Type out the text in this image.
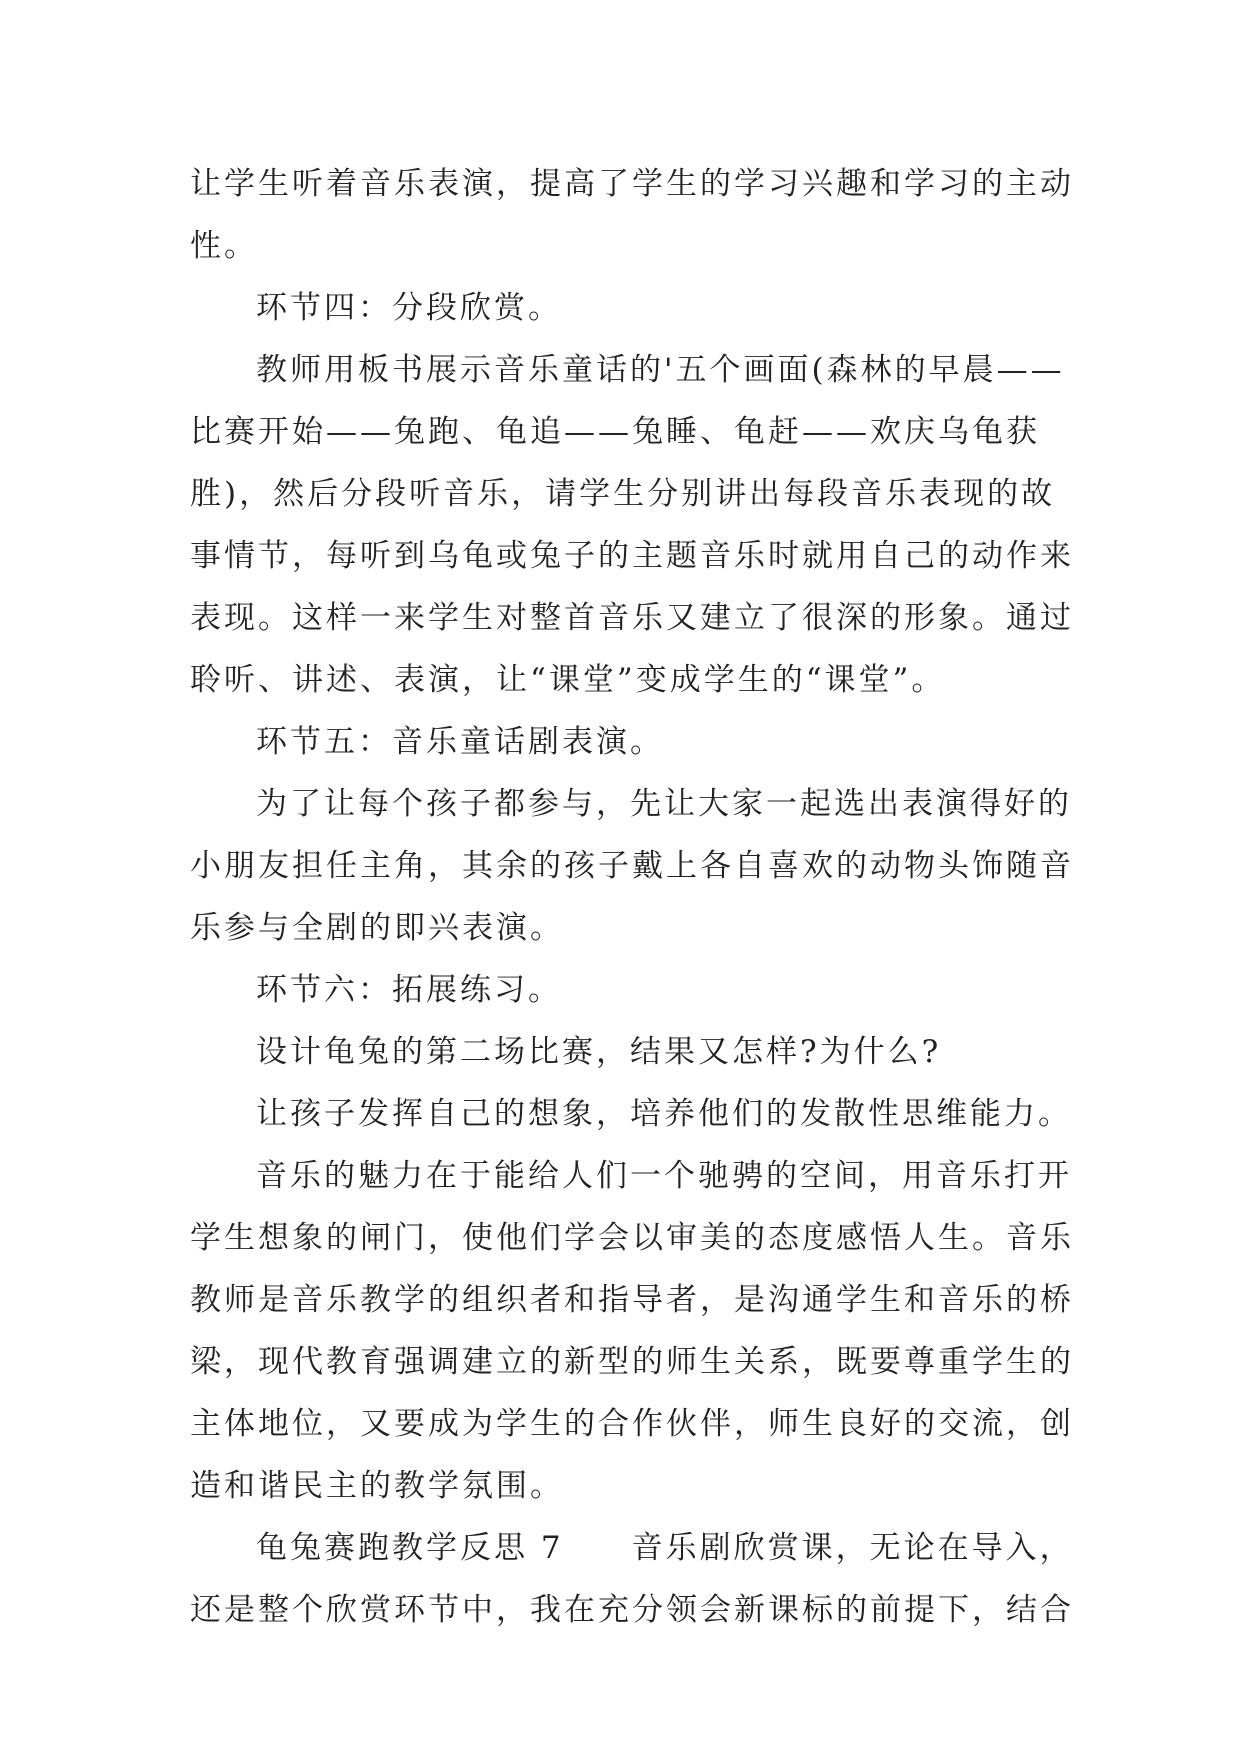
让学生听着音乐表演，提高了学生的学习兴趣和学习的主动
性。
环节四：分段欣赏。
教师用板书展示音乐童话的'五个画面(森林的早晨——
比赛开始——兔跑、龟追——兔睡、龟赶——欢庆乌龟获
胜)，然后分段听音乐，请学生分别讲出每段音乐表现的故
事情节，每听到乌龟或兔子的主题音乐时就用自己的动作来
表现。这样一来学生对整首音乐又建立了很深的形象。通过
聆听、讲述、表演，让“课堂”变成学生的“课堂”。
环节五：音乐童话剧表演。
为了让每个孩子都参与，先让大家一起选出表演得好的
小朋友担任主角，其余的孩子戴上各自喜欢的动物头饰随音
乐参与全剧的即兴表演。
环节六：拓展练习。
设计龟兔的第二场比赛，结果又怎样?为什么?
让孩子发挥自己的想象，培养他们的发散性思维能力。
音乐的魅力在于能给人们一个驰骋的空间，用音乐打开
学生想象的闸门，使他们学会以审美的态度感悟人生。音乐
教师是音乐教学的组织者和指导者，是沟通学生和音乐的桥
梁，现代教育强调建立的新型的师生关系，既要尊重学生的
主体地位，又要成为学生的合作伙伴，师生良好的交流，创
造和谐民主的教学氛围。
龟兔赛跑教学反思 7　　音乐剧欣赏课，无论在导入，
还是整个欣赏环节中，我在充分领会新课标的前提下，结合
